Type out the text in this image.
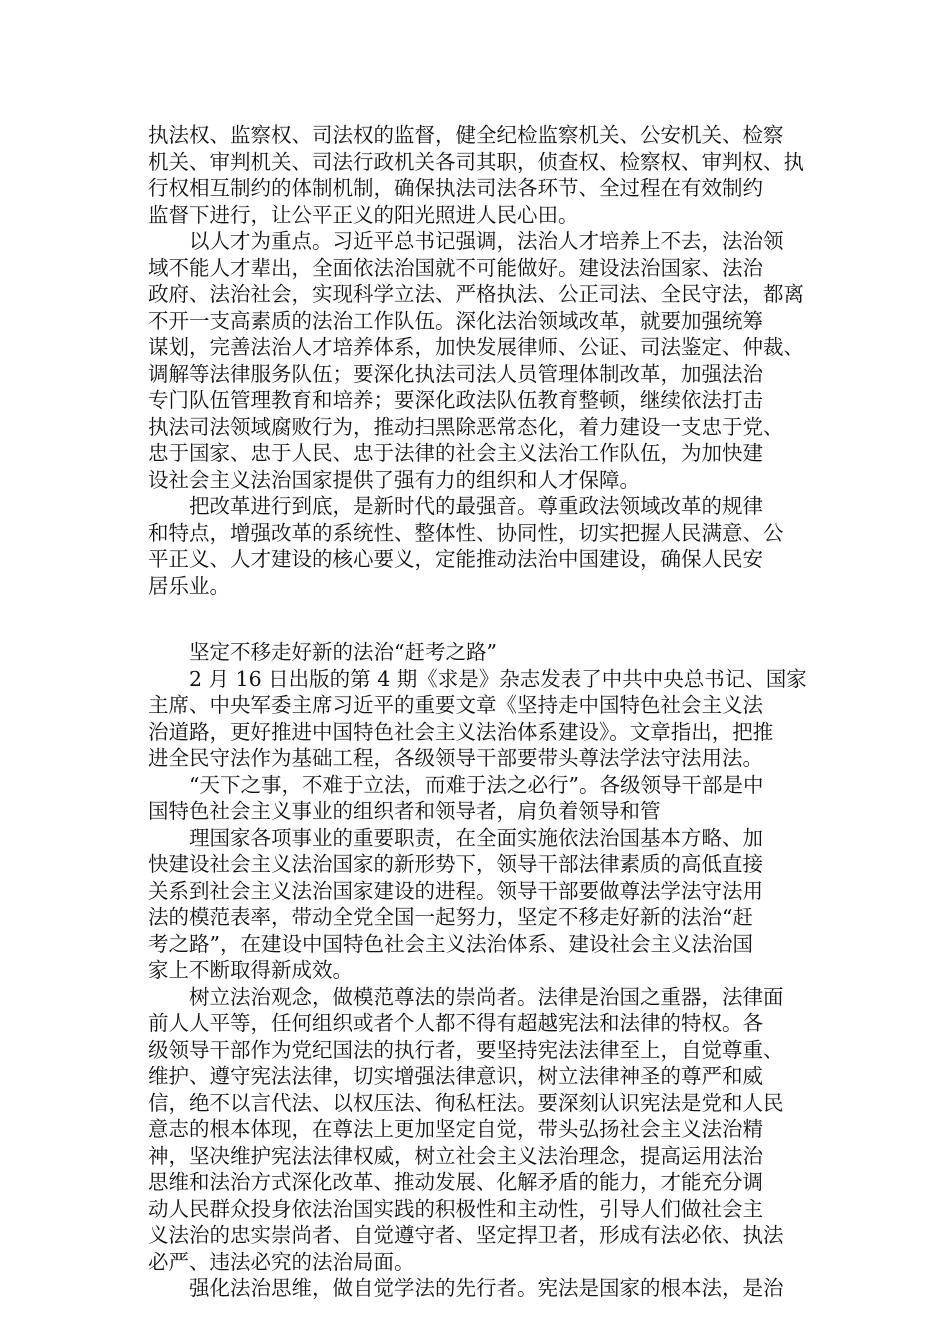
执法权、监察权、司法权的监督，健全纪检监察机关、公安机关、检察
机关、审判机关、司法行政机关各司其职，侦查权、检察权、审判权、执
行权相互制约的体制机制，确保执法司法各环节、全过程在有效制约
监督下进行，让公平正义的阳光照进人民心田。
　　以人才为重点。习近平总书记强调，法治人才培养上不去，法治领
域不能人才辈出，全面依法治国就不可能做好。建设法治国家、法治
政府、法治社会，实现科学立法、严格执法、公正司法、全民守法，都离
不开一支高素质的法治工作队伍。深化法治领域改革，就要加强统筹
谋划，完善法治人才培养体系，加快发展律师、公证、司法鉴定、仲裁、
调解等法律服务队伍；要深化执法司法人员管理体制改革，加强法治
专门队伍管理教育和培养；要深化政法队伍教育整顿，继续依法打击
执法司法领域腐败行为，推动扫黑除恶常态化，着力建设一支忠于党、
忠于国家、忠于人民、忠于法律的社会主义法治工作队伍，为加快建
设社会主义法治国家提供了强有力的组织和人才保障。
　　把改革进行到底，是新时代的最强音。尊重政法领域改革的规律
和特点，增强改革的系统性、整体性、协同性，切实把握人民满意、公
平正义、人才建设的核心要义，定能推动法治中国建设，确保人民安
居乐业。
　　坚定不移走好新的法治“赶考之路”
　　2 月 16 日出版的第 4 期《求是》杂志发表了中共中央总书记、国家
主席、中央军委主席习近平的重要文章《坚持走中国特色社会主义法
治道路，更好推进中国特色社会主义法治体系建设》。文章指出，把推
进全民守法作为基础工程，各级领导干部要带头尊法学法守法用法。
　　“天下之事，不难于立法，而难于法之必行”。各级领导干部是中
国特色社会主义事业的组织者和领导者，肩负着领导和管
　　理国家各项事业的重要职责，在全面实施依法治国基本方略、加
快建设社会主义法治国家的新形势下，领导干部法律素质的高低直接
关系到社会主义法治国家建设的进程。领导干部要做尊法学法守法用
法的模范表率，带动全党全国一起努力，坚定不移走好新的法治“赶
考之路”，在建设中国特色社会主义法治体系、建设社会主义法治国
家上不断取得新成效。
　　树立法治观念，做模范尊法的崇尚者。法律是治国之重器，法律面
前人人平等，任何组织或者个人都不得有超越宪法和法律的特权。各
级领导干部作为党纪国法的执行者，要坚持宪法法律至上，自觉尊重、
维护、遵守宪法法律，切实增强法律意识，树立法律神圣的尊严和威
信，绝不以言代法、以权压法、徇私枉法。要深刻认识宪法是党和人民
意志的根本体现，在尊法上更加坚定自觉，带头弘扬社会主义法治精
神，坚决维护宪法法律权威，树立社会主义法治理念，提高运用法治
思维和法治方式深化改革、推动发展、化解矛盾的能力，才能充分调
动人民群众投身依法治国实践的积极性和主动性，引导人们做社会主
义法治的忠实崇尚者、自觉遵守者、坚定捍卫者，形成有法必依、执法
必严、违法必究的法治局面。
　　强化法治思维，做自觉学法的先行者。宪法是国家的根本法，是治
